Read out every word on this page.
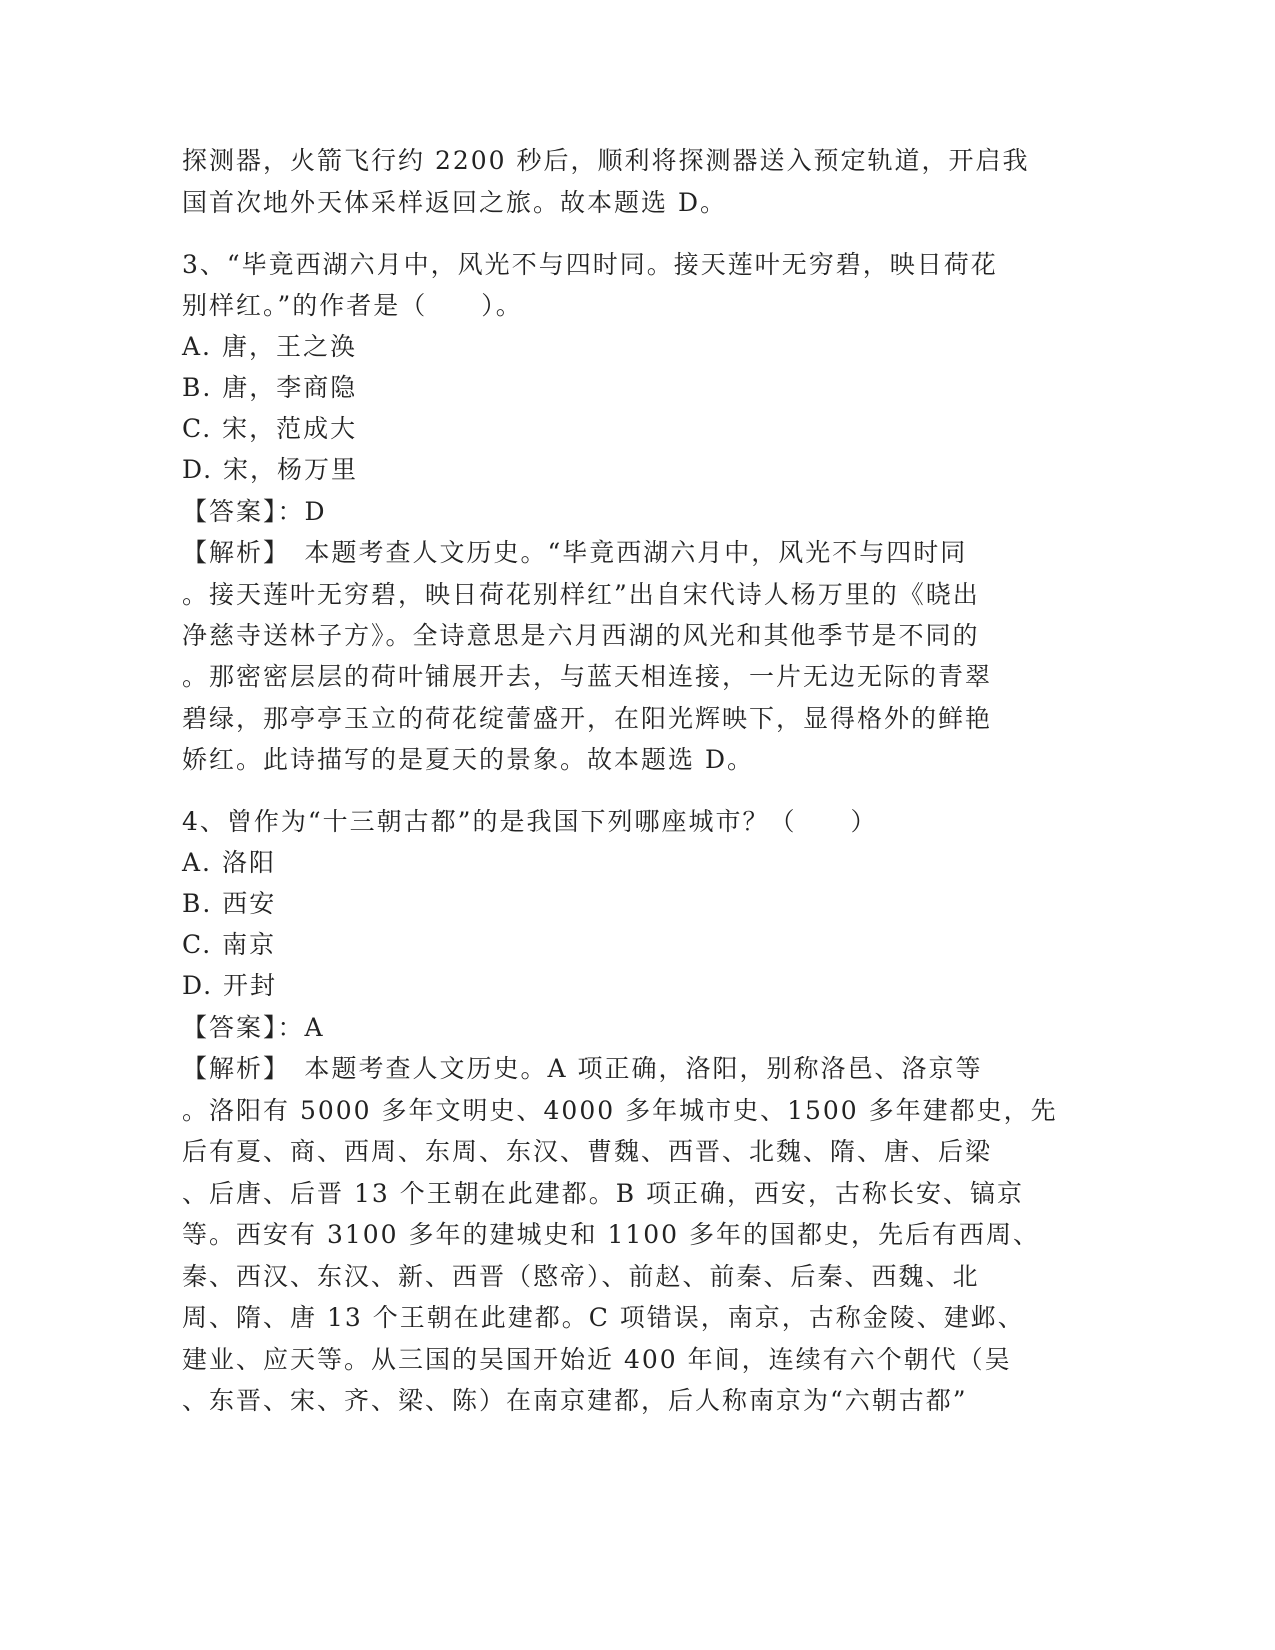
探测器，火箭飞行约 2200 秒后，顺利将探测器送入预定轨道，开启我
国首次地外天体采样返回之旅。故本题选 D。
3、“毕竟西湖六月中，风光不与四时同。接天莲叶无穷碧，映日荷花
别样红。”的作者是（　　）。
A. 唐，王之涣
B. 唐，李商隐
C. 宋，范成大
D. 宋，杨万里
【答案】：D
【解析】　本题考查人文历史。“毕竟西湖六月中，风光不与四时同
。接天莲叶无穷碧，映日荷花别样红”出自宋代诗人杨万里的《晓出
净慈寺送林子方》。全诗意思是六月西湖的风光和其他季节是不同的
。那密密层层的荷叶铺展开去，与蓝天相连接，一片无边无际的青翠
碧绿，那亭亭玉立的荷花绽蕾盛开，在阳光辉映下，显得格外的鲜艳
娇红。此诗描写的是夏天的景象。故本题选 D。
4、曾作为“十三朝古都”的是我国下列哪座城市？（　　）
A. 洛阳
B. 西安
C. 南京
D. 开封
【答案】：A
【解析】　本题考查人文历史。A 项正确，洛阳，别称洛邑、洛京等
。洛阳有 5000 多年文明史、4000 多年城市史、1500 多年建都史，先
后有夏、商、西周、东周、东汉、曹魏、西晋、北魏、隋、唐、后梁
、后唐、后晋 13 个王朝在此建都。B 项正确，西安，古称长安、镐京
等。西安有 3100 多年的建城史和 1100 多年的国都史，先后有西周、
秦、西汉、东汉、新、西晋（愍帝）、前赵、前秦、后秦、西魏、北
周、隋、唐 13 个王朝在此建都。C 项错误，南京，古称金陵、建邺、
建业、应天等。从三国的吴国开始近 400 年间，连续有六个朝代（吴
、东晋、宋、齐、梁、陈）在南京建都，后人称南京为“六朝古都”
